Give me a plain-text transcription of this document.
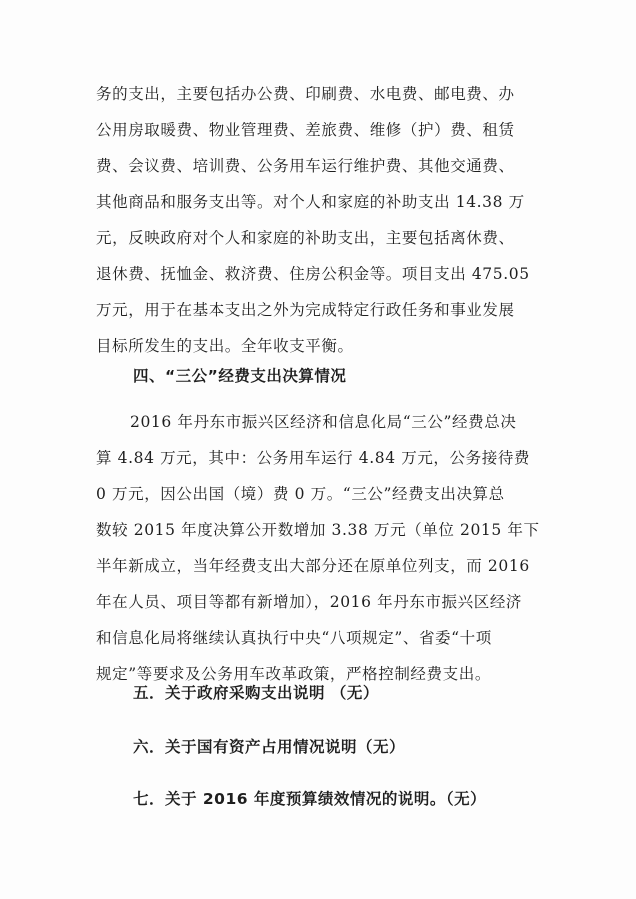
务的支出，主要包括办公费、印刷费、水电费、邮电费、办
公用房取暖费、物业管理费、差旅费、维修（护）费、租赁
费、会议费、培训费、公务用车运行维护费、其他交通费、
其他商品和服务支出等。对个人和家庭的补助支出 14.38 万
元，反映政府对个人和家庭的补助支出，主要包括离休费、
退休费、抚恤金、救济费、住房公积金等。项目支出 475.05
万元，用于在基本支出之外为完成特定行政任务和事业发展
目标所发生的支出。全年收支平衡。
四、“三公”经费支出决算情况
2016 年丹东市振兴区经济和信息化局“三公”经费总决
算 4.84 万元，其中：公务用车运行 4.84 万元，公务接待费
0 万元，因公出国（境）费 0 万。“三公”经费支出决算总
数较 2015 年度决算公开数增加 3.38 万元（单位 2015 年下
半年新成立，当年经费支出大部分还在原单位列支，而 2016
年在人员、项目等都有新增加），2016 年丹东市振兴区经济
和信息化局将继续认真执行中央“八项规定”、省委“十项
规定”等要求及公务用车改革政策，严格控制经费支出。
五．关于政府采购支出说明 （无）
六．关于国有资产占用情况说明（无）
七．关于 2016 年度预算绩效情况的说明。（无）
